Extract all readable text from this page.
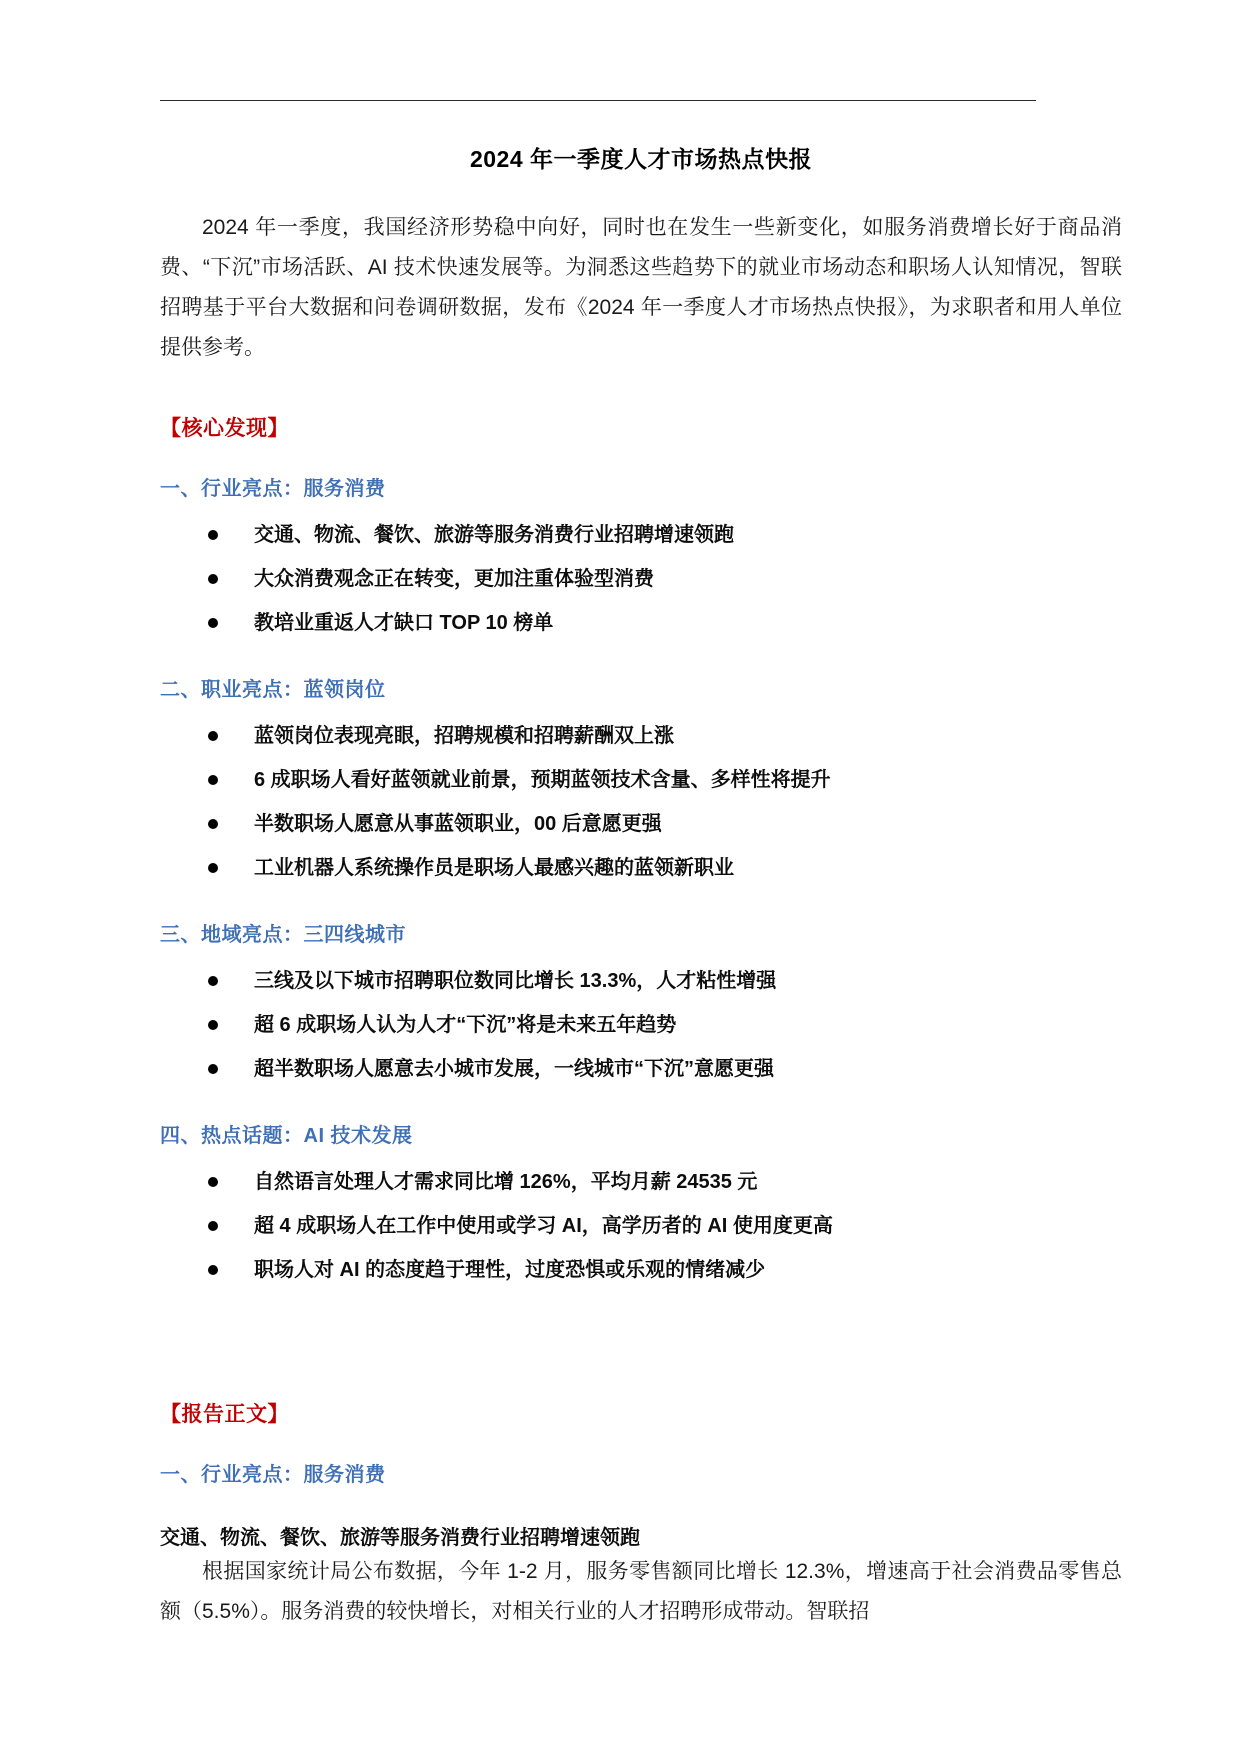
2024 年一季度人才市场热点快报

2024 年一季度，我国经济形势稳中向好，同时也在发生一些新变化，如服务消费增长好于商品消费、“下沉”市场活跃、AI 技术快速发展等。为洞悉这些趋势下的就业市场动态和职场人认知情况，智联招聘基于平台大数据和问卷调研数据，发布《2024 年一季度人才市场热点快报》，为求职者和用人单位提供参考。

【核心发现】
一、行业亮点：服务消费
交通、物流、餐饮、旅游等服务消费行业招聘增速领跑
大众消费观念正在转变，更加注重体验型消费
教培业重返人才缺口 TOP 10 榜单
二、职业亮点：蓝领岗位
蓝领岗位表现亮眼，招聘规模和招聘薪酬双上涨
6 成职场人看好蓝领就业前景，预期蓝领技术含量、多样性将提升
半数职场人愿意从事蓝领职业，00 后意愿更强
工业机器人系统操作员是职场人最感兴趣的蓝领新职业
三、地域亮点：三四线城市
三线及以下城市招聘职位数同比增长 13.3%，人才粘性增强
超 6 成职场人认为人才“下沉”将是未来五年趋势
超半数职场人愿意去小城市发展，一线城市“下沉”意愿更强
四、热点话题：AI 技术发展
自然语言处理人才需求同比增 126%，平均月薪 24535 元
超 4 成职场人在工作中使用或学习 AI，高学历者的 AI 使用度更高
职场人对 AI 的态度趋于理性，过度恐惧或乐观的情绪减少
【报告正文】
一、行业亮点：服务消费
交通、物流、餐饮、旅游等服务消费行业招聘增速领跑

根据国家统计局公布数据，今年 1-2 月，服务零售额同比增长 12.3%，增速高于社会消费品零售总额（5.5%）。服务消费的较快增长，对相关行业的人才招聘形成带动。智联招
